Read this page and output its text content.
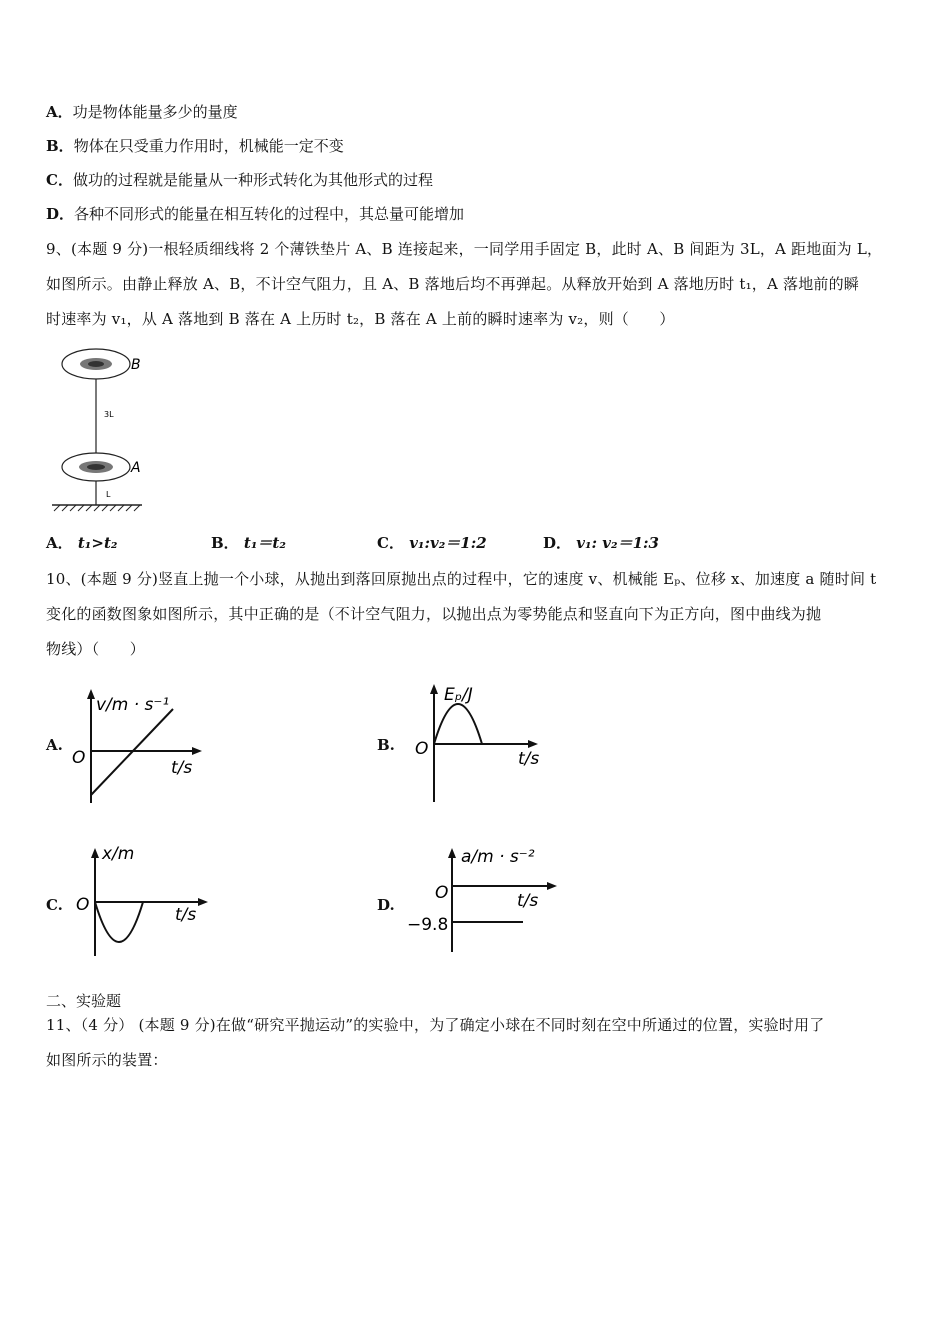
A．功是物体能量多少的量度
B．物体在只受重力作用时，机械能一定不变
C．做功的过程就是能量从一种形式转化为其他形式的过程
D．各种不同形式的能量在相互转化的过程中，其总量可能增加
9、(本题 9 分)一根轻质细线将 2 个薄铁垫片 A、B 连接起来，一同学用手固定 B，此时 A、B 间距为 3L，A 距地面为 L，
如图所示。由静止释放 A、B，不计空气阻力，且 A、B 落地后均不再弹起。从释放开始到 A 落地历时 t₁，A 落地前的瞬
时速率为 v₁，从 A 落地到 B 落在 A 上历时 t₂，B 落在 A 上前的瞬时速率为 v₂，则（　　）
B
3L
A
L
A． t₁>t₂	B． t₁＝t₂	C． v₁:v₂＝1:2	D． v₁: v₂＝1:3
10、(本题 9 分)竖直上抛一个小球，从抛出到落回原抛出点的过程中，它的速度 v、机械能 Eₚ、位移 x、加速度 a 随时间 t
变化的函数图象如图所示，其中正确的是（不计空气阻力，以抛出点为零势能点和竖直向下为正方向，图中曲线为抛
物线）（　　）
A.
v/m · s⁻¹
O	t/s
B.
Eₚ/J
O	t/s
C.
x/m
O	t/s	D.
a/m · s⁻²
O	t/s
−9.8
二、实验题
11、（4 分） (本题 9 分)在做“研究平抛运动”的实验中，为了确定小球在不同时刻在空中所通过的位置，实验时用了
如图所示的装置：
